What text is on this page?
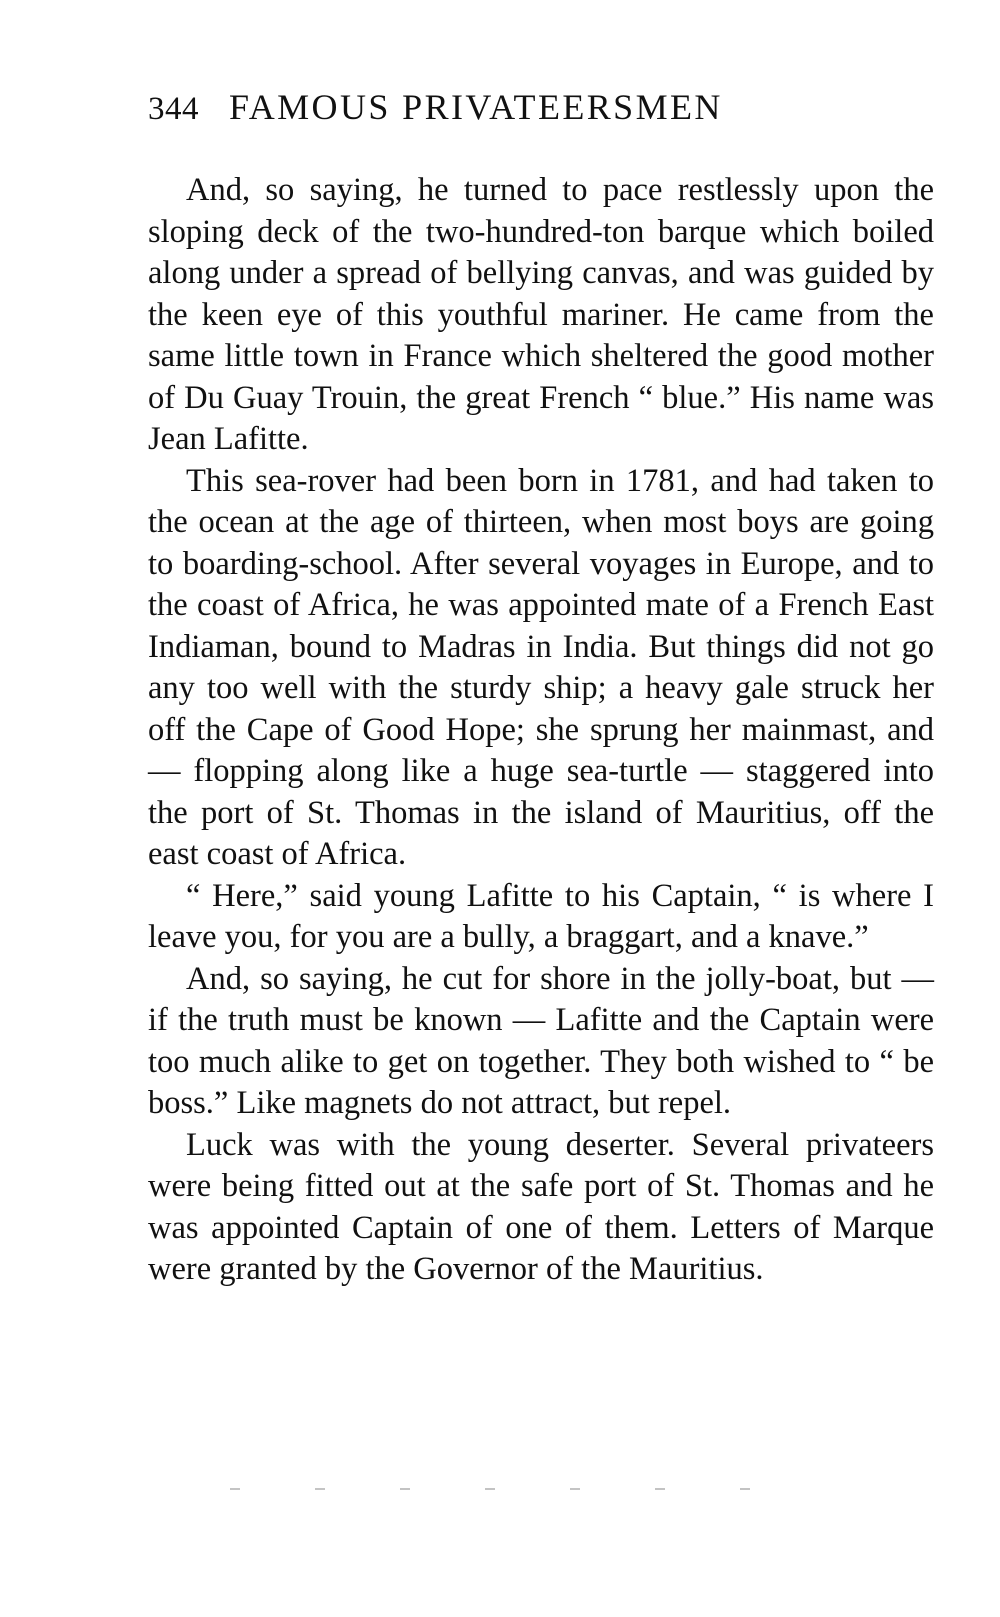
344 FAMOUS PRIVATEERSMEN

And, so saying, he turned to pace restlessly upon the sloping deck of the two-hundred-ton barque which boiled along under a spread of bellying canvas, and was guided by the keen eye of this youthful mariner. He came from the same little town in France which sheltered the good mother of Du Guay Trouin, the great French “ blue.” His name was Jean Lafitte.

This sea-rover had been born in 1781, and had taken to the ocean at the age of thirteen, when most boys are going to boarding-school. After several voyages in Europe, and to the coast of Africa, he was appointed mate of a French East Indiaman, bound to Madras in India. But things did not go any too well with the sturdy ship; a heavy gale struck her off the Cape of Good Hope; she sprung her mainmast, and — flopping along like a huge sea-turtle — staggered into the port of St. Thomas in the island of Mauritius, off the east coast of Africa.

“ Here,” said young Lafitte to his Captain, “ is where I leave you, for you are a bully, a braggart, and a knave.”

And, so saying, he cut for shore in the jolly-boat, but — if the truth must be known — Lafitte and the Captain were too much alike to get on together. They both wished to “ be boss.” Like magnets do not attract, but repel.

Luck was with the young deserter. Several privateers were being fitted out at the safe port of St. Thomas and he was appointed Captain of one of them. Letters of Marque were granted by the Governor of the Mauritius.
